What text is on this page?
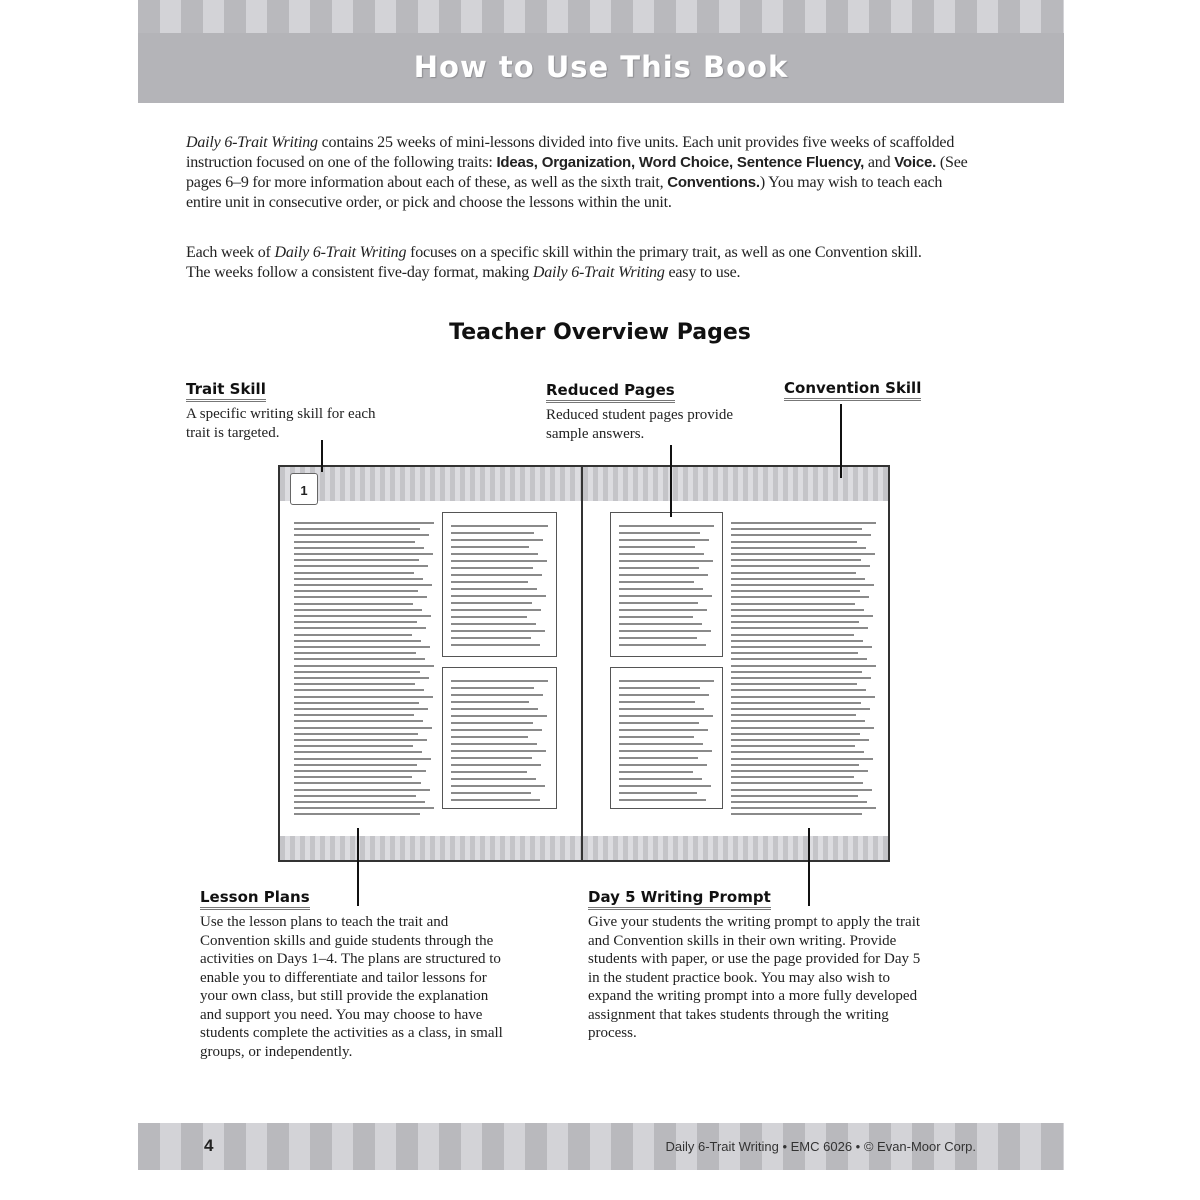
How to Use This Book
Daily 6-Trait Writing contains 25 weeks of mini-lessons divided into five units. Each unit provides five weeks of scaffolded instruction focused on one of the following traits: Ideas, Organization, Word Choice, Sentence Fluency, and Voice. (See pages 6–9 for more information about each of these, as well as the sixth trait, Conventions.) You may wish to teach each entire unit in consecutive order, or pick and choose the lessons within the unit.
Each week of Daily 6-Trait Writing focuses on a specific skill within the primary trait, as well as one Convention skill. The weeks follow a consistent five-day format, making Daily 6-Trait Writing easy to use.
Teacher Overview Pages
Trait Skill

A specific writing skill for each trait is targeted.

Reduced Pages

Reduced student pages provide sample answers.

Convention Skill
Lesson Plans

Use the lesson plans to teach the trait and Convention skills and guide students through the activities on Days 1–4. The plans are structured to enable you to differentiate and tailor lessons for your own class, but still provide the explanation and support you need. You may choose to have students complete the activities as a class, in small groups, or independently.

Day 5 Writing Prompt

Give your students the writing prompt to apply the trait and Convention skills in their own writing. Provide students with paper, or use the page provided for Day 5 in the student practice book. You may also wish to expand the writing prompt into a more fully developed assignment that takes students through the writing process.

1
4	Daily 6-Trait Writing • EMC 6026 • © Evan-Moor Corp.
